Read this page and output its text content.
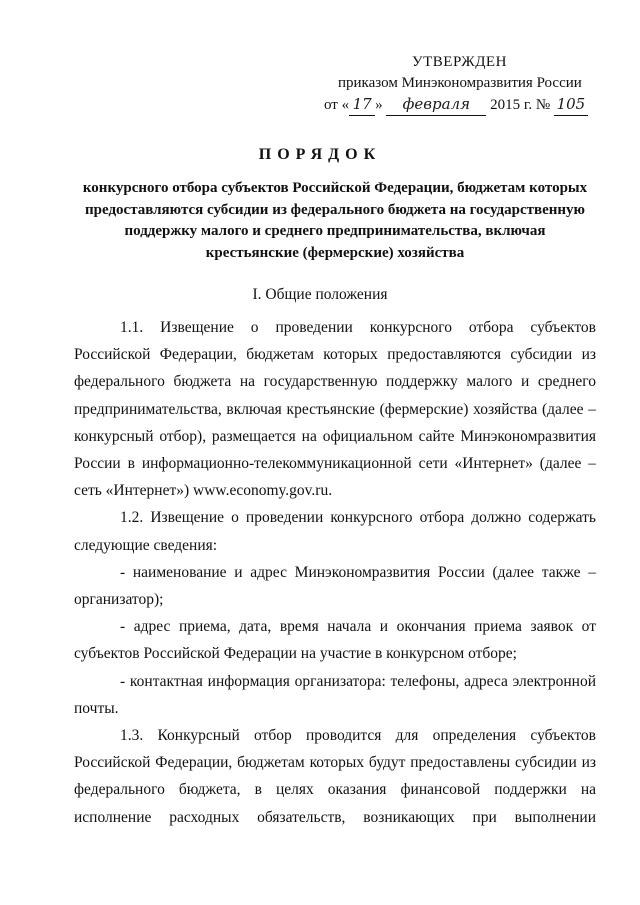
УТВЕРЖДЕН
приказом Минэкономразвития России
от « 17 » февраля 2015 г. № 105
ПОРЯДОК
конкурсного отбора субъектов Российской Федерации, бюджетам которых
предоставляются субсидии из федерального бюджета на государственную
поддержку малого и среднего предпринимательства, включая
крестьянские (фермерские) хозяйства
I. Общие положения

1.1. Извещение о проведении конкурсного отбора субъектов Российской Федерации, бюджетам которых предоставляются субсидии из федерального бюджета на государственную поддержку малого и среднего предпринимательства, включая крестьянские (фермерские) хозяйства (далее – конкурсный отбор), размещается на официальном сайте Минэкономразвития России в информационно-телекоммуникационной сети «Интернет» (далее – сеть «Интернет») www.economy.gov.ru.

1.2. Извещение о проведении конкурсного отбора должно содержать следующие сведения:

- наименование и адрес Минэкономразвития России (далее также – организатор);

- адрес приема, дата, время начала и окончания приема заявок от субъектов Российской Федерации на участие в конкурсном отборе;

- контактная информация организатора: телефоны, адреса электронной почты.

1.3. Конкурсный отбор проводится для определения субъектов Российской Федерации, бюджетам которых будут предоставлены субсидии из федерального бюджета, в целях оказания финансовой поддержки на исполнение расходных обязательств, возникающих при выполнении
